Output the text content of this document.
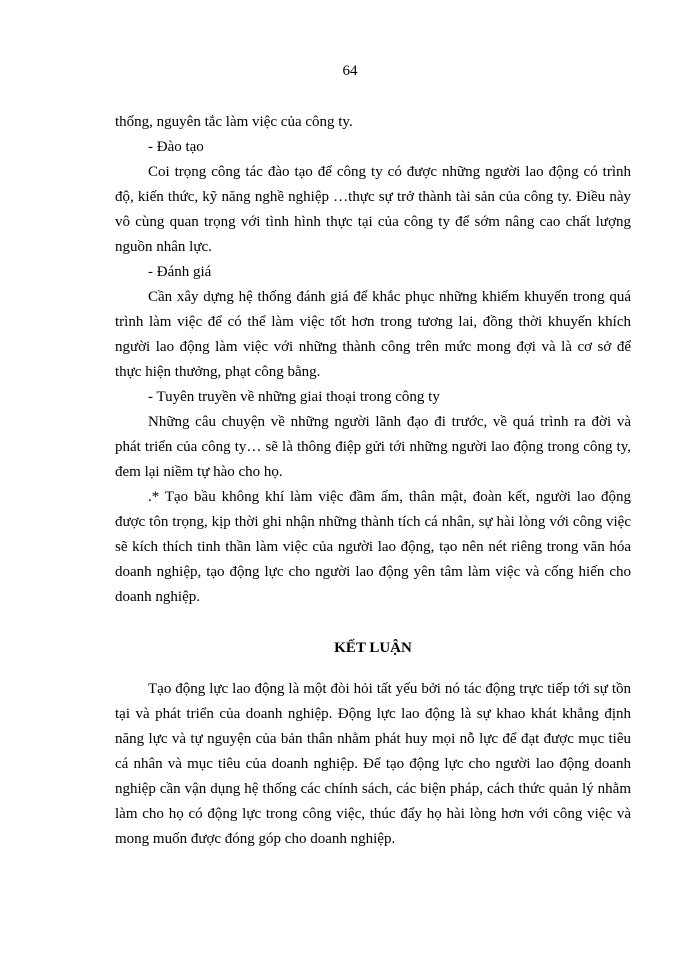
64

thống, nguyên tắc làm việc của công ty.

- Đào tạo

Coi trọng công tác đào tạo để công ty có được những người lao động có trình độ, kiến thức, kỹ năng nghề nghiệp …thực sự trở thành tài sản của công ty. Điều này vô cùng quan trọng với tình hình thực tại của công ty để sớm nâng cao chất lượng nguồn nhân lực.

- Đánh giá

Cần xây dựng hệ thống đánh giá để khắc phục những khiếm khuyến trong quá trình làm việc để có thể làm việc tốt hơn trong tương lai, đồng thời khuyến khích người lao động làm việc với những thành công trên mức mong đợi và là cơ sở để thực hiện thưởng, phạt công bằng.

- Tuyên truyền về những giai thoại trong công ty

Những câu chuyện về những người lãnh đạo đi trước, về quá trình ra đời và phát triển của công ty… sẽ là thông điệp gửi tới những người lao động trong công ty, đem lại niềm tự hào cho họ.

.* Tạo bầu không khí làm việc đầm ấm, thân mật, đoàn kết, người lao động được tôn trọng, kịp thời ghi nhận những thành tích cá nhân, sự hài lòng với công việc sẽ kích thích tinh thần làm việc của người lao động, tạo nên nét riêng trong văn hóa doanh nghiệp, tạo động lực cho người lao động yên tâm làm việc và cống hiến cho doanh nghiệp.

KẾT LUẬN

Tạo động lực lao động là một đòi hỏi tất yếu bởi nó tác động trực tiếp tới sự tồn tại và phát triển của doanh nghiệp. Động lực lao động là sự khao khát khẳng định năng lực và tự nguyện của bản thân nhằm phát huy mọi nỗ lực để đạt được mục tiêu cá nhân và mục tiêu của doanh nghiệp. Để tạo động lực cho người lao động doanh nghiệp cần vận dụng hệ thống các chính sách, các biện pháp, cách thức quản lý nhằm làm cho họ có động lực trong công việc, thúc đẩy họ hài lòng hơn với công việc và mong muốn được đóng góp cho doanh nghiệp.
